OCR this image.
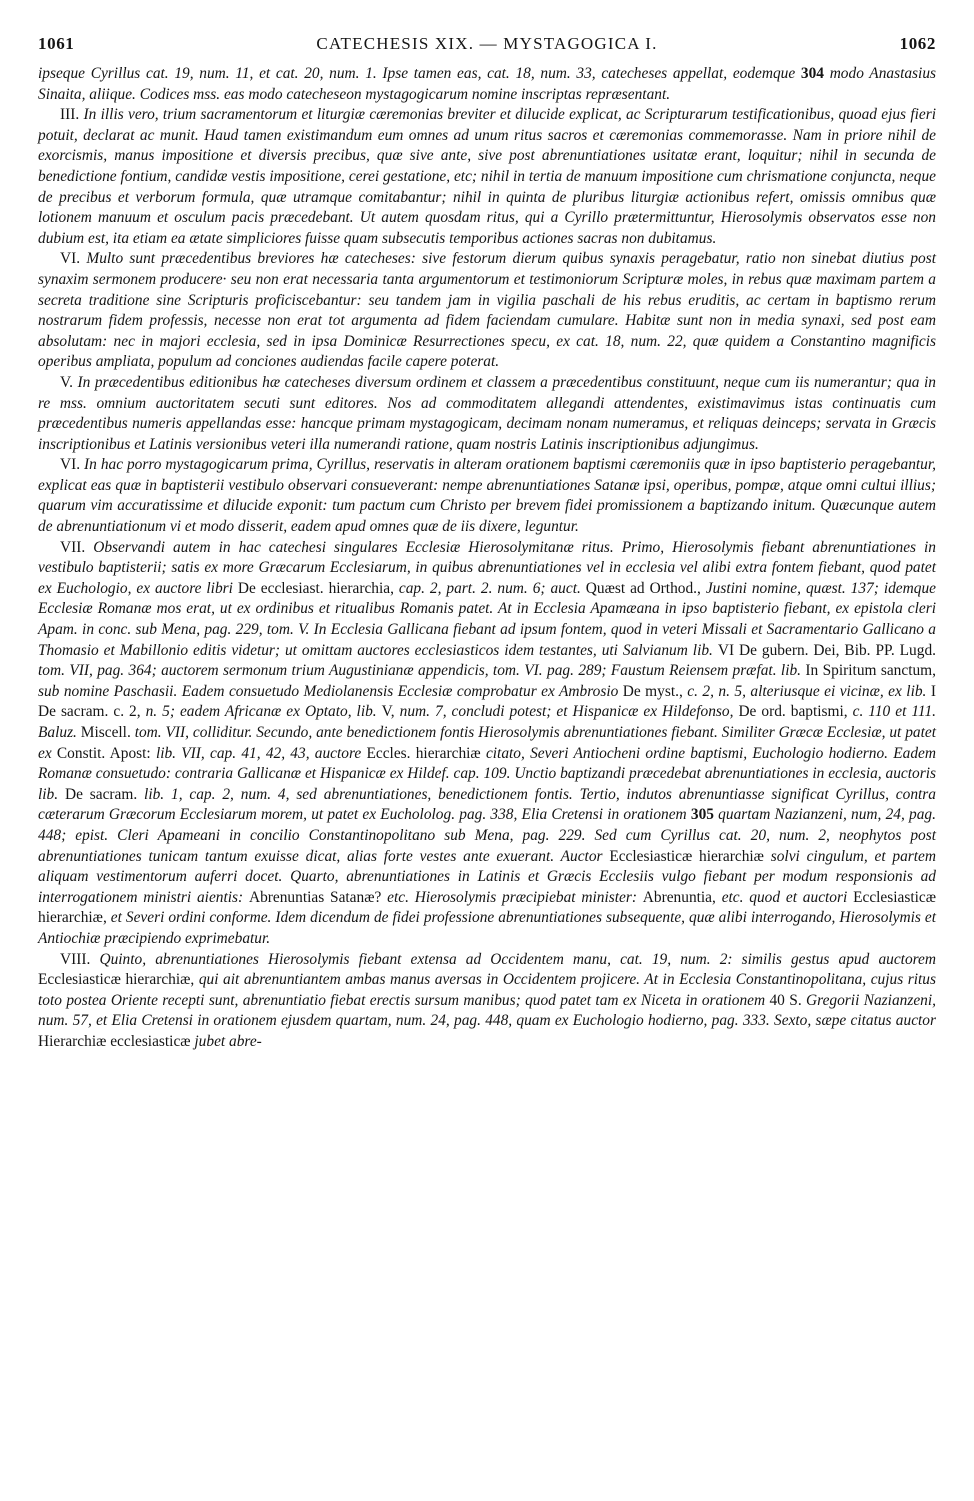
1061	CATECHESIS XIX. — MYSTAGOGICA I.	1062

ipseque Cyrillus cat. 19, num. 11, et cat. 20, num. 1. Ipse tamen eas, cat. 18, num. 33, catecheses appellat, eodemque 304 modo Anastasius Sinaita, aliique. Codices mss. eas modo catecheseon mystagogicarum nomine inscriptas repræsentant.

III. In illis vero, trium sacramentorum et liturgiæ cæremonias breviter et dilucide explicat, ac Scripturarum testificationibus, quoad ejus fieri potuit, declarat ac munit. Haud tamen existimandum eum omnes ad unum ritus sacros et cæremonias commemorasse. Nam in priore nihil de exorcismis, manus impositione et diversis precibus, quæ sive ante, sive post abrenuntiationes usitatæ erant, loquitur; nihil in secunda de benedictione fontium, candidæ vestis impositione, cerei gestatione, etc; nihil in tertia de manuum impositione cum chrismatione conjuncta, neque de precibus et verborum formula, quæ utramque comitabantur; nihil in quinta de pluribus liturgiæ actionibus refert, omissis omnibus quæ lotionem manuum et osculum pacis præcedebant. Ut autem quosdam ritus, qui a Cyrillo prætermittuntur, Hierosolymis observatos esse non dubium est, ita etiam ea ætate simpliciores fuisse quam subsecutis temporibus actiones sacras non dubitamus.

VI. Multo sunt præcedentibus breviores hæ catecheses: sive festorum dierum quibus synaxis peragebatur, ratio non sinebat diutius post synaxim sermonem producere· seu non erat necessaria tanta argumentorum et testimoniorum Scripturæ moles, in rebus quæ maximam partem a secreta traditione sine Scripturis proficiscebantur: seu tandem jam in vigilia paschali de his rebus eruditis, ac certam in baptismo rerum nostrarum fidem professis, necesse non erat tot argumenta ad fidem faciendam cumulare. Habitæ sunt non in media synaxi, sed post eam absolutam: nec in majori ecclesia, sed in ipsa Dominicæ Resurrectiones specu, ex cat. 18, num. 22, quæ quidem a Constantino magnificis operibus ampliata, populum ad conciones audiendas facile capere poterat.

V. In præcedentibus editionibus hæ catecheses diversum ordinem et classem a præcedentibus constituunt, neque cum iis numerantur; qua in re mss. omnium auctoritatem secuti sunt editores. Nos ad commoditatem allegandi attendentes, existimavimus istas continuatis cum præcedentibus numeris appellandas esse: hancque primam mystagogicam, decimam nonam numeramus, et reliquas deinceps; servata in Græcis inscriptionibus et Latinis versionibus veteri illa numerandi ratione, quam nostris Latinis inscriptionibus adjungimus.

VI. In hac porro mystagogicarum prima, Cyrillus, reservatis in alteram orationem baptismi cæremoniis quæ in ipso baptisterio peragebantur, explicat eas quæ in baptisterii vestibulo observari consueverant: nempe abrenuntiationes Satanæ ipsi, operibus, pompæ, atque omni cultui illius; quarum vim accuratissime et dilucide exponit: tum pactum cum Christo per brevem fidei promissionem a baptizando initum. Quæcunque autem de abrenuntiationum vi et modo disserit, eadem apud omnes quæ de iis dixere, leguntur.

VII. Observandi autem in hac catechesi singulares Ecclesiæ Hierosolymitanæ ritus. Primo, Hierosolymis fiebant abrenuntiationes in vestibulo baptisterii; satis ex more Græcarum Ecclesiarum, in quibus abrenuntiationes vel in ecclesia vel alibi extra fontem fiebant, quod patet ex Euchologio, ex auctore libri De ecclesiast. hierarchia, cap. 2, part. 2. num. 6; auct. Quæst ad Orthod., Justini nomine, quæst. 137; idemque Ecclesiæ Romanæ mos erat, ut ex ordinibus et ritualibus Romanis patet. At in Ecclesia Apamæana in ipso baptisterio fiebant, ex epistola cleri Apam. in conc. sub Mena, pag. 229, tom. V. In Ecclesia Gallicana fiebant ad ipsum fontem, quod in veteri Missali et Sacramentario Gallicano a Thomasio et Mabillonio editis videtur; ut omittam auctores ecclesiasticos idem testantes, uti Salvianum lib. VI De gubern. Dei, Bib. PP. Lugd. tom. VII, pag. 364; auctorem sermonum trium Augustinianæ appendicis, tom. VI. pag. 289; Faustum Reiensem præfat. lib. In Spiritum sanctum, sub nomine Paschasii. Eadem consuetudo Mediolanensis Ecclesiæ comprobatur ex Ambrosio De myst., c. 2, n. 5, alteriusque ei vicinæ, ex lib. I De sacram. c. 2, n. 5; eadem Africanæ ex Optato, lib. V, num. 7, concludi potest; et Hispanicæ ex Hildefonso, De ord. baptismi, c. 110 et 111. Baluz. Miscell. tom. VII, colliditur. Secundo, ante benedictionem fontis Hierosolymis abrenuntiationes fiebant. Similiter Græcæ Ecclesiæ, ut patet ex Constit. Apost: lib. VII, cap. 41, 42, 43, auctore Eccles. hierarchiæ citato, Severi Antiocheni ordine baptismi, Euchologio hodierno. Eadem Romanæ consuetudo: contraria Gallicanæ et Hispanicæ ex Hildef. cap. 109. Unctio baptizandi præcedebat abrenuntiationes in ecclesia, auctoris lib. De sacram. lib. 1, cap. 2, num. 4, sed abrenuntiationes, benedictionem fontis. Tertio, indutos abrenuntiasse significat Cyrillus, contra cæterarum Græcorum Ecclesiarum morem, ut patet ex Euchololog. pag. 338, Elia Cretensi in orationem 305 quartam Nazianzeni, num, 24, pag. 448; epist. Cleri Apameani in concilio Constantinopolitano sub Mena, pag. 229. Sed cum Cyrillus cat. 20, num. 2, neophytos post abrenuntiationes tunicam tantum exuisse dicat, alias forte vestes ante exuerant. Auctor Ecclesiasticæ hierarchiæ solvi cingulum, et partem aliquam vestimentorum auferri docet. Quarto, abrenuntiationes in Latinis et Græcis Ecclesiis vulgo fiebant per modum responsionis ad interrogationem ministri aientis: Abrenuntias Satanæ? etc. Hierosolymis præcipiebat minister: Abrenuntia, etc. quod et auctori Ecclesiasticæ hierarchiæ, et Severi ordini conforme. Idem dicendum de fidei professione abrenuntiationes subsequente, quæ alibi interrogando, Hierosolymis et Antiochiæ præcipiendo exprimebatur.

VIII. Quinto, abrenuntiationes Hierosolymis fiebant extensa ad Occidentem manu, cat. 19, num. 2: similis gestus apud auctorem Ecclesiasticæ hierarchiæ, qui ait abrenuntiantem ambas manus aversas in Occidentem projicere. At in Ecclesia Constantinopolitana, cujus ritus toto postea Oriente recepti sunt, abrenuntiatio fiebat erectis sursum manibus; quod patet tam ex Niceta in orationem 40 S. Gregorii Nazianzeni, num. 57, et Elia Cretensi in orationem ejusdem quartam, num. 24, pag. 448, quam ex Euchologio hodierno, pag. 333. Sexto, sæpe citatus auctor Hierarchiæ ecclesiasticæ jubet abre-
